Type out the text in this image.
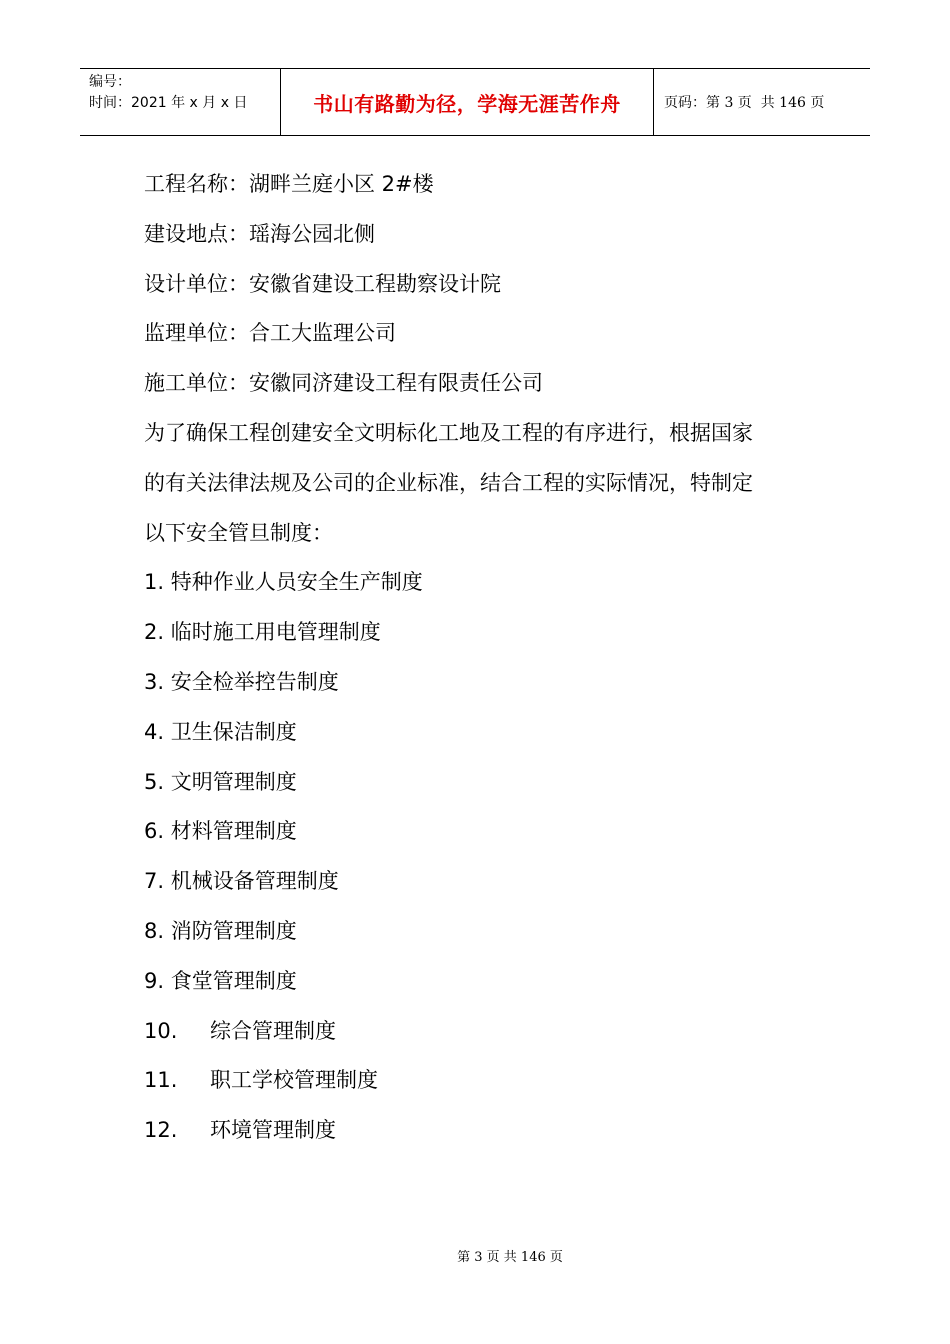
编号：
时间：2021 年 x 月 x 日	书山有路勤为径，学海无涯苦作舟	页码：第 3 页  共 146 页

工程名称：湖畔兰庭小区 2#楼

建设地点：瑶海公园北侧

设计单位：安徽省建设工程勘察设计院

监理单位：合工大监理公司

施工单位：安徽同济建设工程有限责任公司

为了确保工程创建安全文明标化工地及工程的有序进行，根据国家

的有关法律法规及公司的企业标准，结合工程的实际情况，特制定

以下安全管旦制度：

1. 特种作业人员安全生产制度

2. 临时施工用电管理制度

3. 安全检举控告制度

4. 卫生保洁制度

5. 文明管理制度

6. 材料管理制度

7. 机械设备管理制度

8. 消防管理制度

9. 食堂管理制度

10. 综合管理制度

11. 职工学校管理制度

12. 环境管理制度

第 3 页 共 146 页
